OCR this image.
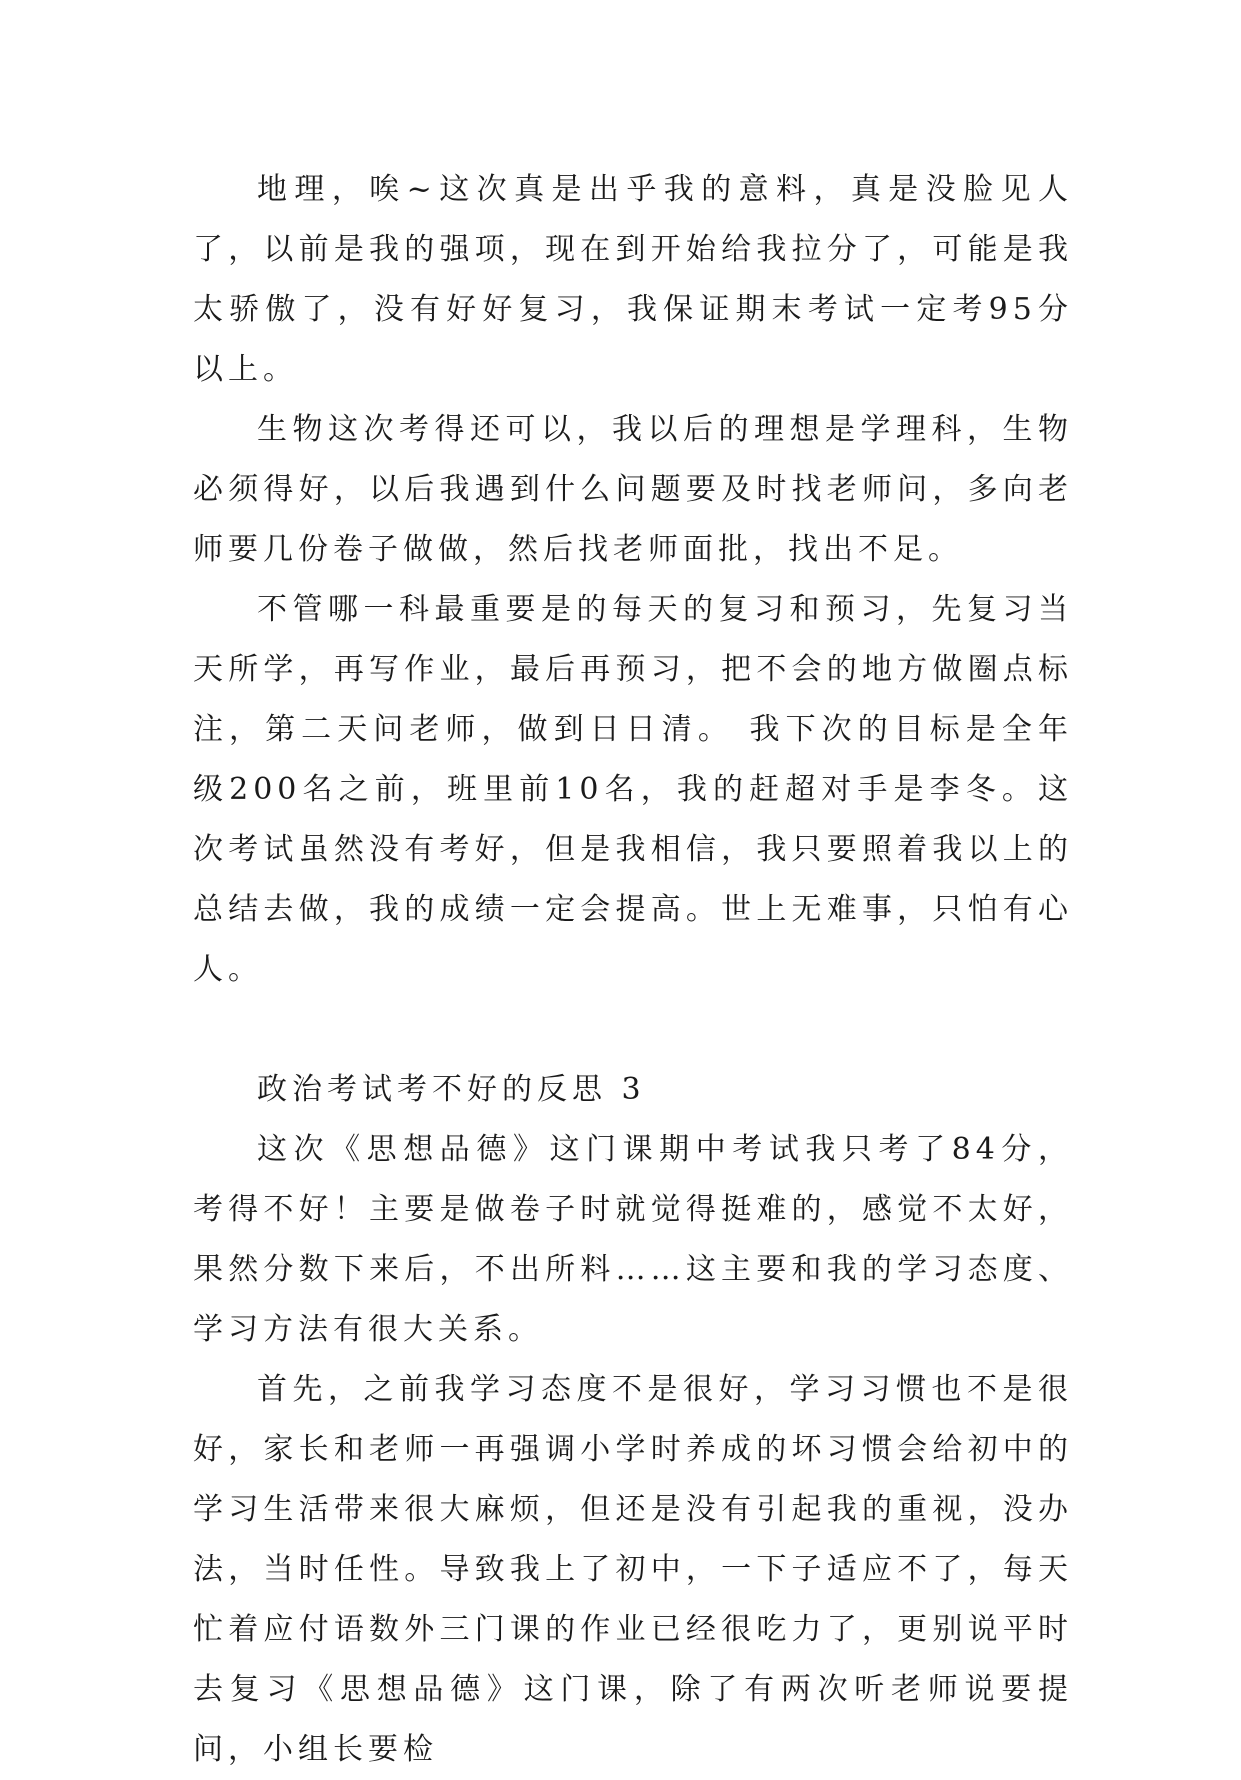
地理，唉~这次真是出乎我的意料，真是没脸见人了，以前是我的强项，现在到开始给我拉分了，可能是我太骄傲了，没有好好复习，我保证期末考试一定考95分以上。

生物这次考得还可以，我以后的理想是学理科，生物必须得好，以后我遇到什么问题要及时找老师问，多向老师要几份卷子做做，然后找老师面批，找出不足。

不管哪一科最重要是的每天的复习和预习，先复习当天所学，再写作业，最后再预习，把不会的地方做圈点标注，第二天问老师，做到日日清。 我下次的目标是全年级200名之前，班里前10名，我的赶超对手是李冬。这次考试虽然没有考好，但是我相信，我只要照着我以上的总结去做，我的成绩一定会提高。世上无难事，只怕有心人。

政治考试考不好的反思 3

这次《思想品德》这门课期中考试我只考了84分，考得不好！主要是做卷子时就觉得挺难的，感觉不太好，果然分数下来后，不出所料……这主要和我的学习态度、学习方法有很大关系。

首先，之前我学习态度不是很好，学习习惯也不是很好，家长和老师一再强调小学时养成的坏习惯会给初中的学习生活带来很大麻烦，但还是没有引起我的重视，没办法，当时任性。导致我上了初中，一下子适应不了，每天忙着应付语数外三门课的作业已经很吃力了，更别说平时去复习《思想品德》这门课，除了有两次听老师说要提问，小组长要检
